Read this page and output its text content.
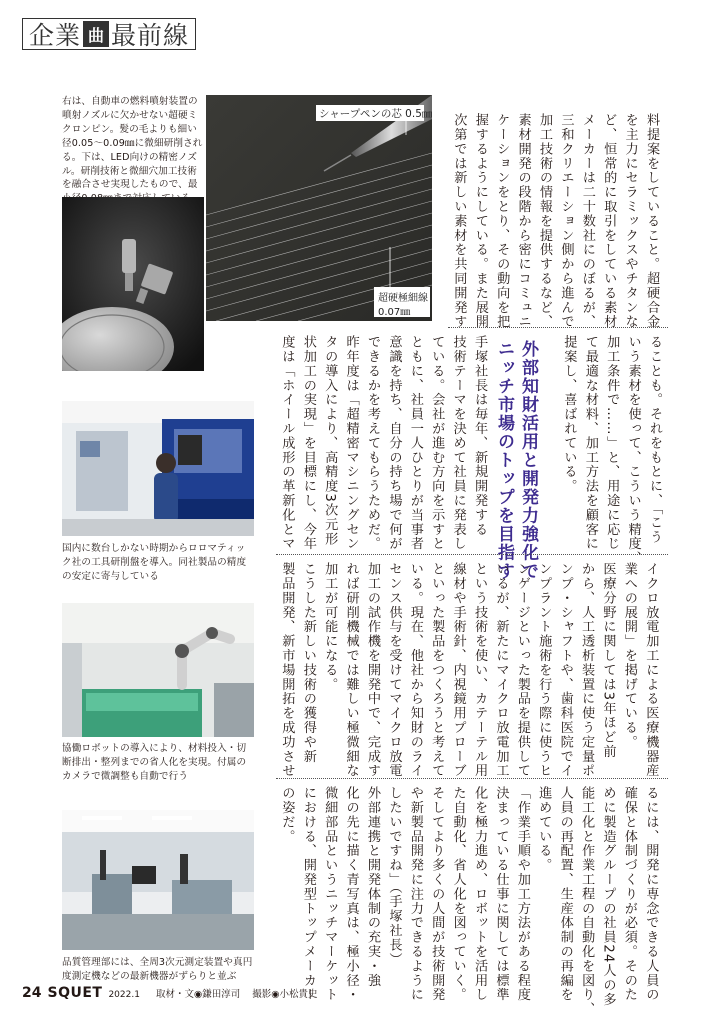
企業 曲 最前線
右は、自動車の燃料噴射装置の噴射ノズルに欠かせない超硬ミクロンピン。髪の毛よりも細い径0.05～0.09㎜に微細研削される。下は、LED向けの精密ノズル。研削技術と微細穴加工技術を融合させ実現したもので、最
シャープペンの芯 0.5㎜
超硬極細線
0.07㎜
国内に数台しかない時期からロロマティック社の工具研削盤を導入。同社製品の精度の安定に寄与している
協働ロボットの導入により、材料投入・切断排出・整列までの省人化を実現。付属のカメラで微調整も自動で行う
品質管理部には、全周3次元測定装置や真円度測定機などの最新機器がずらりと並ぶ

料提案をしていること。超硬合金

を主力にセラミックスやチタンな

ど、恒常的に取引をしている素材

メーカーは二十数社にのぼるが、

三和クリエーション側から進んで

加工技術の情報を提供するなど、

素材開発の段階から密にコミュニ

ケーションをとり、その動向を把

握するようにしている。また展開

次第では新しい素材を共同開発す

ることも。それをもとに、「こう

いう素材を使って、こういう精度、

加工条件で……」と、用途に応じ

て最適な材料、加工方法を顧客に

提案し、喜ばれている。

外部知財活用と開発力強化で

ニッチ市場のトップを目指す

手塚社長は毎年、新規開発する

技術テーマを決めて社員に発表し

ている。会社が進む方向を示すと

ともに、社員一人ひとりが当事者

意識を持ち、自分の持ち場で何が

できるかを考えてもらうためだ。

昨年度は「超精密マシニングセン

タの導入により、高精度3次元形

状加工の実現」を目標にし、今年

度は「ホイール成形の革新化とマ

イクロ放電加工による医療機器産

業への展開」を掲げている。

医療分野に関しては3年ほど前

から、人工透析装置に使う定量ポ

ンプ・シャフトや、歯科医院でイ

ンプラント施術を行う際に使うヒ

ンゲージといった製品を提供して

いるが、新たにマイクロ放電加工

という技術を使い、カテーテル用

線材や手術針、内視鏡用プローブ

といった製品をつくろうと考えて

いる。現在、他社から知財のライ

センス供与を受けてマイクロ放電

加工の試作機を開発中で、完成す

れば研削機械では難しい極微細な

加工が可能になる。

こうした新しい技術の獲得や新

製品開発、新市場開拓を成功させ

るには、開発に専念できる人員の

確保と体制づくりが必須。そのた

めに製造グループの社員24人の多

能工化と作業工程の自動化を図り、

人員の再配置、生産体制の再編を

進めている。

「作業手順や加工方法がある程度

決まっている仕事に関しては標準

化を極力進め、ロボットを活用し

た自動化、省人化を図っていく。

そしてより多くの人間が技術開発

や新製品開発に注力できるように

したいですね」（手塚社長）

外部連携と開発体制の充実・強

化の先に描く青写真は、極小径・

微細部品というニッチマーケット

における、開発型トップメーカー

の姿だ。

24 SQUET 2022.1 取材・文◉鎌田淳司 撮影◉小松貴史
